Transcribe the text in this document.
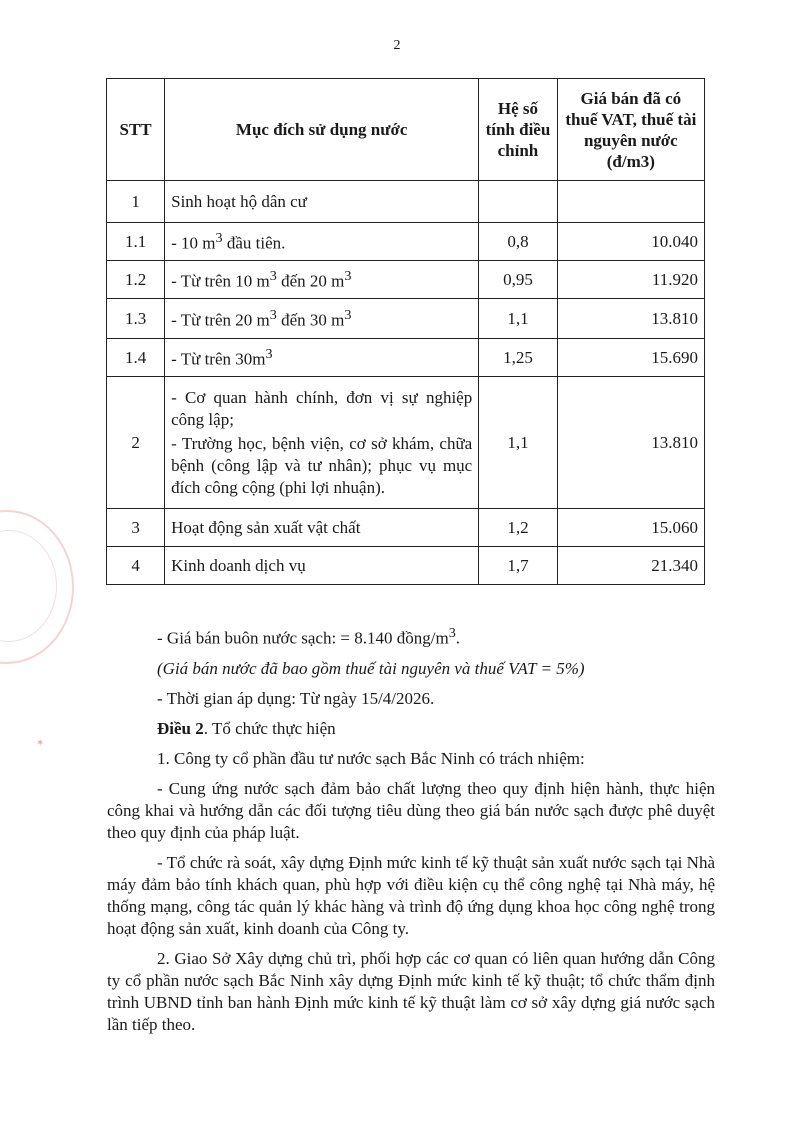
2
✶
STT	Mục đích sử dụng nước	Hệ số tính điều chỉnh	Giá bán đã có thuế VAT, thuế tài nguyên nước (đ/m3)
1	Sinh hoạt hộ dân cư		
1.1	- 10 $m^3$ đầu tiên.	0,8	10.040
1.2	- Từ trên 10 $m^3$ đến 20 $m^3$	0,95	11.920
1.3	- Từ trên 20 $m^3$ đến 30 $m^3$	1,1	13.810
1.4	- Từ trên $30m^3$	1,25	15.690
2	- Cơ quan hành chính, đơn vị sự nghiệp công lập;
- Trường học, bệnh viện, cơ sở khám, chữa bệnh (công lập và tư nhân); phục vụ mục đích công cộng (phi lợi nhuận).	1,1	13.810
3	Hoạt động sản xuất vật chất	1,2	15.060
4	Kinh doanh dịch vụ	1,7	21.340

- Giá bán buôn nước sạch: = 8.140 đồng/$m^3$.

(Giá bán nước đã bao gồm thuế tài nguyên và thuế VAT = 5%)

- Thời gian áp dụng: Từ ngày 15/4/2026.

Điều 2. Tổ chức thực hiện

1. Công ty cổ phần đầu tư nước sạch Bắc Ninh có trách nhiệm:

- Cung ứng nước sạch đảm bảo chất lượng theo quy định hiện hành, thực hiện công khai và hướng dẫn các đối tượng tiêu dùng theo giá bán nước sạch được phê duyệt theo quy định của pháp luật.

- Tổ chức rà soát, xây dựng Định mức kinh tế kỹ thuật sản xuất nước sạch tại Nhà máy đảm bảo tính khách quan, phù hợp với điều kiện cụ thể công nghệ tại Nhà máy, hệ thống mạng, công tác quản lý khác hàng và trình độ ứng dụng khoa học công nghệ trong hoạt động sản xuất, kinh doanh của Công ty.

2. Giao Sở Xây dựng chủ trì, phối hợp các cơ quan có liên quan hướng dẫn Công ty cổ phần nước sạch Bắc Ninh xây dựng Định mức kinh tế kỹ thuật; tổ chức thẩm định trình UBND tỉnh ban hành Định mức kinh tế kỹ thuật làm cơ sở xây dựng giá nước sạch lần tiếp theo.
